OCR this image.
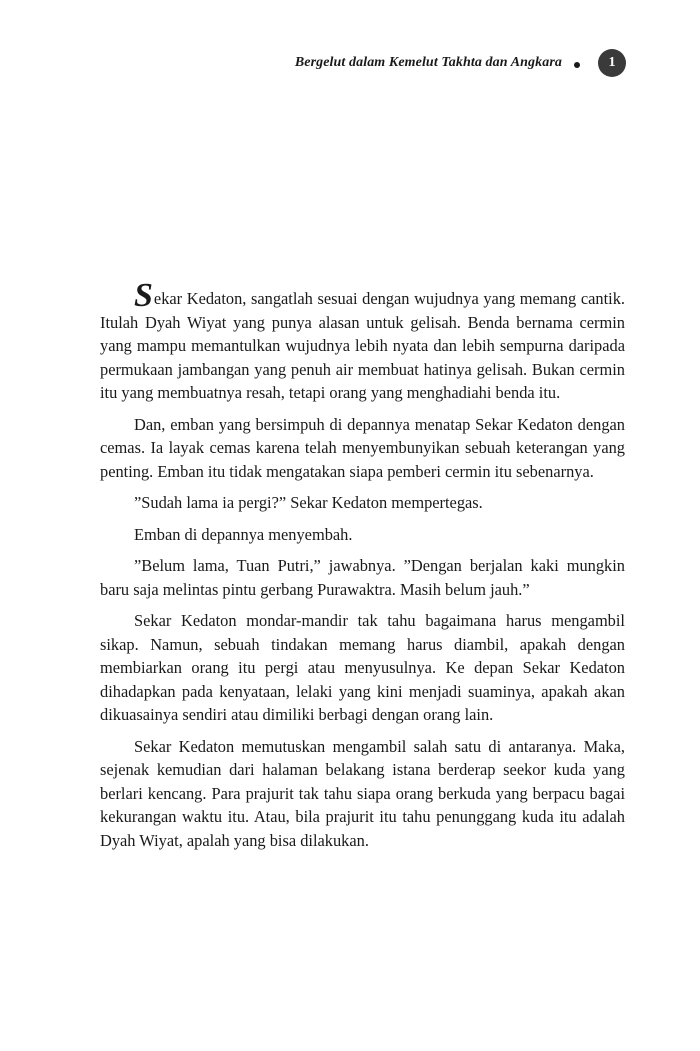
Bergelut dalam Kemelut Takhta dan Angkara	1

Sekar Kedaton, sangatlah sesuai dengan wujudnya yang memang cantik. Itulah Dyah Wiyat yang punya alasan untuk gelisah. Benda bernama cermin yang mampu memantulkan wujudnya lebih nyata dan lebih sempurna daripada permukaan jambangan yang penuh air membuat hatinya gelisah. Bukan cermin itu yang membuatnya resah, tetapi orang yang menghadiahi benda itu.

Dan, emban yang bersimpuh di depannya menatap Sekar Kedaton dengan cemas. Ia layak cemas karena telah menyembunyikan sebuah keterangan yang penting. Emban itu tidak mengatakan siapa pemberi cermin itu sebenarnya.

”Sudah lama ia pergi?” Sekar Kedaton mempertegas.

Emban di depannya menyembah.

”Belum lama, Tuan Putri,” jawabnya. ”Dengan berjalan kaki mungkin baru saja melintas pintu gerbang Purawaktra. Masih belum jauh.”

Sekar Kedaton mondar-mandir tak tahu bagaimana harus mengambil sikap. Namun, sebuah tindakan memang harus diambil, apakah dengan membiarkan orang itu pergi atau menyusulnya. Ke depan Sekar Kedaton dihadapkan pada kenyataan, lelaki yang kini menjadi suaminya, apakah akan dikuasainya sendiri atau dimiliki berbagi dengan orang lain.

Sekar Kedaton memutuskan mengambil salah satu di antaranya. Maka, sejenak kemudian dari halaman belakang istana berderap seekor kuda yang berlari kencang. Para prajurit tak tahu siapa orang berkuda yang berpacu bagai kekurangan waktu itu. Atau, bila prajurit itu tahu penunggang kuda itu adalah Dyah Wiyat, apalah yang bisa dilakukan.
